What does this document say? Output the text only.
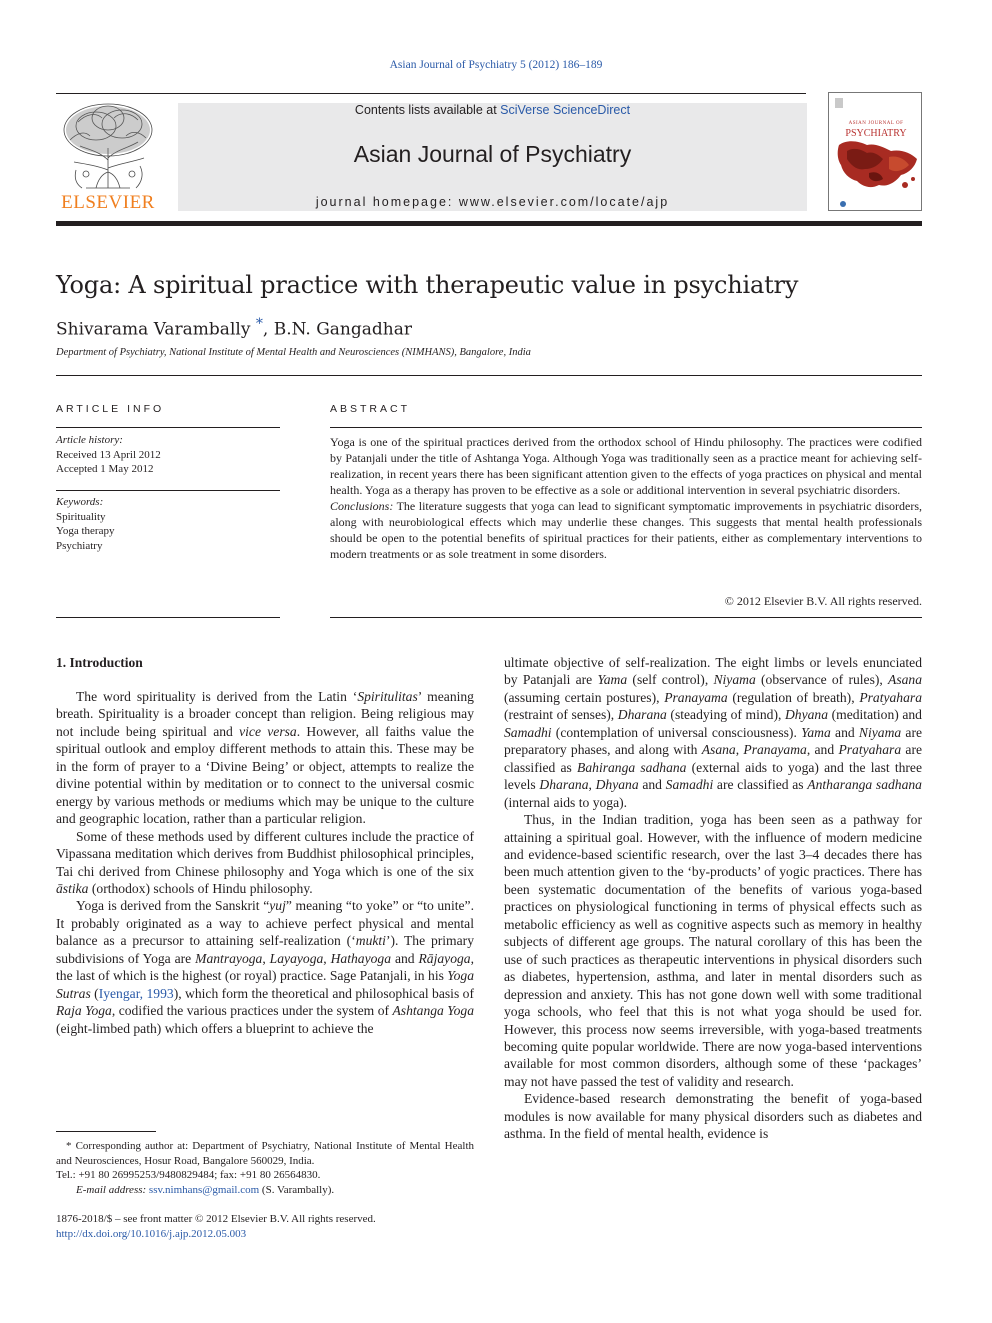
Asian Journal of Psychiatry 5 (2012) 186–189
ELSEVIER
Contents lists available at SciVerse ScienceDirect
Asian Journal of Psychiatry
journal homepage: www.elsevier.com/locate/ajp
ASIAN JOURNAL OF
PSYCHIATRY
Yoga: A spiritual practice with therapeutic value in psychiatry
Shivarama Varambally *, B.N. Gangadhar
Department of Psychiatry, National Institute of Mental Health and Neurosciences (NIMHANS), Bangalore, India
ARTICLE INFO
Article history:
Received 13 April 2012
Accepted 1 May 2012
Keywords:
Spirituality
Yoga therapy
Psychiatry
ABSTRACT

Yoga is one of the spiritual practices derived from the orthodox school of Hindu philosophy. The practices were codified by Patanjali under the title of Ashtanga Yoga. Although Yoga was traditionally seen as a practice meant for achieving self-realization, in recent years there has been significant attention given to the effects of yoga practices on physical and mental health. Yoga as a therapy has proven to be effective as a sole or additional intervention in several psychiatric disorders.

Conclusions: The literature suggests that yoga can lead to significant symptomatic improvements in psychiatric disorders, along with neurobiological effects which may underlie these changes. This suggests that mental health professionals should be open to the potential benefits of spiritual practices for their patients, either as complementary interventions to modern treatments or as sole treatment in some disorders.

© 2012 Elsevier B.V. All rights reserved.
1. Introduction

The word spirituality is derived from the Latin ‘Spiritulitas’ meaning breath. Spirituality is a broader concept than religion. Being religious may not include being spiritual and vice versa. However, all faiths value the spiritual outlook and employ different methods to attain this. These may be in the form of prayer to a ‘Divine Being’ or object, attempts to realize the divine potential within by meditation or to connect to the universal cosmic energy by various methods or mediums which may be unique to the culture and geographic location, rather than a particular religion.

Some of these methods used by different cultures include the practice of Vipassana meditation which derives from Buddhist philosophical principles, Tai chi derived from Chinese philosophy and Yoga which is one of the six āstika (orthodox) schools of Hindu philosophy.

Yoga is derived from the Sanskrit “yuj” meaning “to yoke” or “to unite”. It probably originated as a way to achieve perfect physical and mental balance as a precursor to attaining self-realization (‘mukti’). The primary subdivisions of Yoga are Mantrayoga, Layayoga, Hathayoga and Rājayoga, the last of which is the highest (or royal) practice. Sage Patanjali, in his Yoga Sutras (Iyengar, 1993), which form the theoretical and philosophical basis of Raja Yoga, codified the various practices under the system of Ashtanga Yoga (eight-limbed path) which offers a blueprint to achieve the

ultimate objective of self-realization. The eight limbs or levels enunciated by Patanjali are Yama (self control), Niyama (observance of rules), Asana (assuming certain postures), Pranayama (regulation of breath), Pratyahara (restraint of senses), Dharana (steadying of mind), Dhyana (meditation) and Samadhi (contemplation of universal consciousness). Yama and Niyama are preparatory phases, and along with Asana, Pranayama, and Pratyahara are classified as Bahiranga sadhana (external aids to yoga) and the last three levels Dharana, Dhyana and Samadhi are classified as Antharanga sadhana (internal aids to yoga).

Thus, in the Indian tradition, yoga has been seen as a pathway for attaining a spiritual goal. However, with the influence of modern medicine and evidence-based scientific research, over the last 3–4 decades there has been much attention given to the ‘by-products’ of yogic practices. There has been systematic documentation of the benefits of various yoga-based practices on physiological functioning in terms of physical effects such as metabolic efficiency as well as cognitive aspects such as memory in healthy subjects of different age groups. The natural corollary of this has been the use of such practices as therapeutic interventions in physical disorders such as diabetes, hypertension, asthma, and later in mental disorders such as depression and anxiety. This has not gone down well with some traditional yoga schools, who feel that this is not what yoga should be used for. However, this process now seems irreversible, with yoga-based treatments becoming quite popular worldwide. There are now yoga-based interventions available for most common disorders, although some of these ‘packages’ may not have passed the test of validity and research.

Evidence-based research demonstrating the benefit of yoga-based modules is now available for many physical disorders such as diabetes and asthma. In the field of mental health, evidence is

* Corresponding author at: Department of Psychiatry, National Institute of Mental Health and Neurosciences, Hosur Road, Bangalore 560029, India.
Tel.: +91 80 26995253/9480829484; fax: +91 80 26564830.
E-mail address: ssv.nimhans@gmail.com (S. Varambally).
1876-2018/$ – see front matter © 2012 Elsevier B.V. All rights reserved.
http://dx.doi.org/10.1016/j.ajp.2012.05.003
